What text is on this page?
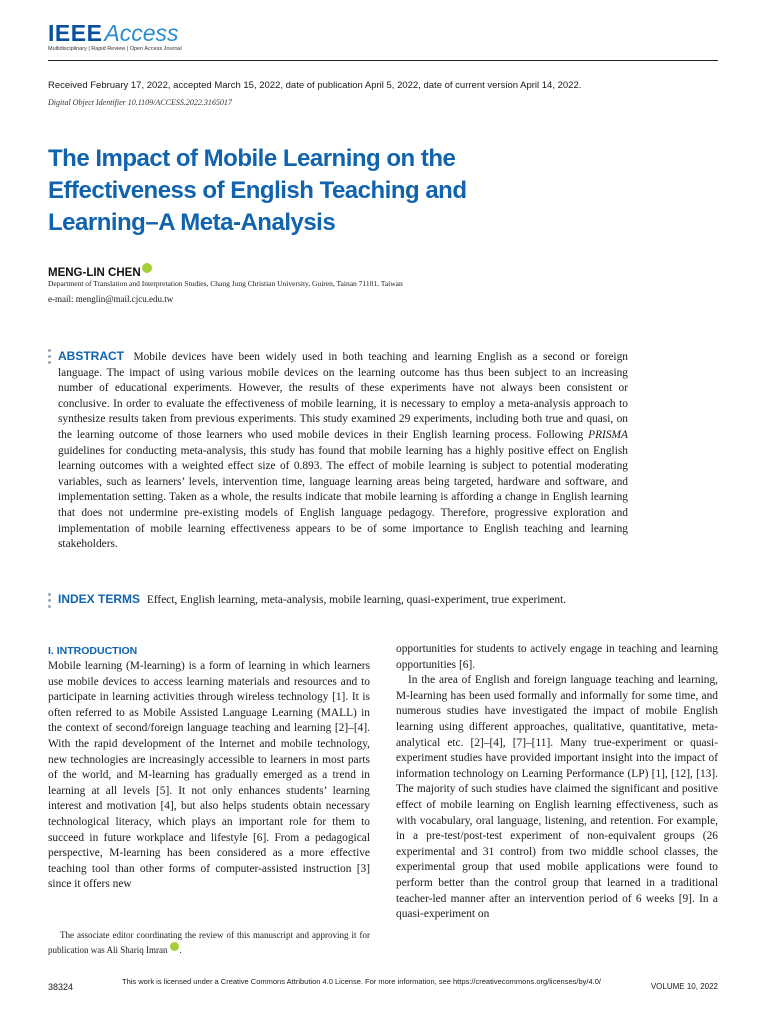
IEEEAccess
Multidisciplinary | Rapid Review | Open Access Journal
Received February 17, 2022, accepted March 15, 2022, date of publication April 5, 2022, date of current version April 14, 2022.
Digital Object Identifier 10.1109/ACCESS.2022.3165017
The Impact of Mobile Learning on the
Effectiveness of English Teaching and
Learning–A Meta-Analysis
MENG-LIN CHEN
Department of Translation and Interpretation Studies, Chang Jung Christian University, Guiren, Tainan 71101, Taiwan
e-mail: menglin@mail.cjcu.edu.tw
ABSTRACT Mobile devices have been widely used in both teaching and learning English as a second or foreign language. The impact of using various mobile devices on the learning outcome has thus been subject to an increasing number of educational experiments. However, the results of these experiments have not always been consistent or conclusive. In order to evaluate the effectiveness of mobile learning, it is necessary to employ a meta-analysis approach to synthesize results taken from previous experiments. This study examined 29 experiments, including both true and quasi, on the learning outcome of those learners who used mobile devices in their English learning process. Following PRISMA guidelines for conducting meta-analysis, this study has found that mobile learning has a highly positive effect on English learning outcomes with a weighted effect size of 0.893. The effect of mobile learning is subject to potential moderating variables, such as learners’ levels, intervention time, language learning areas being targeted, hardware and software, and implementation setting. Taken as a whole, the results indicate that mobile learning is affording a change in English learning that does not undermine pre-existing models of English language pedagogy. Therefore, progressive exploration and implementation of mobile learning effectiveness appears to be of some importance to English teaching and learning stakeholders.
INDEX TERMS Effect, English learning, meta-analysis, mobile learning, quasi-experiment, true experiment.
I. INTRODUCTION

Mobile learning (M-learning) is a form of learning in which learners use mobile devices to access learning materials and resources and to participate in learning activities through wireless technology [1]. It is often referred to as Mobile Assisted Language Learning (MALL) in the context of second/foreign language teaching and learning [2]–[4]. With the rapid development of the Internet and mobile technology, new technologies are increasingly accessible to learners in most parts of the world, and M-learning has gradually emerged as a trend in learning at all levels [5]. It not only enhances students’ learning interest and motivation [4], but also helps students obtain necessary technological literacy, which plays an important role for them to succeed in future workplace and lifestyle [6]. From a pedagogical perspective, M-learning has been considered as a more effective teaching tool than other forms of computer-assisted instruction [3] since it offers new

opportunities for students to actively engage in teaching and learning opportunities [6].

In the area of English and foreign language teaching and learning, M-learning has been used formally and informally for some time, and numerous studies have investigated the impact of mobile English learning using different approaches, qualitative, quantitative, meta-analytical etc. [2]–[4], [7]–[11]. Many true-experiment or quasi-experiment studies have provided important insight into the impact of information technology on Learning Performance (LP) [1], [12], [13]. The majority of such studies have claimed the significant and positive effect of mobile learning on English learning effectiveness, such as with vocabulary, oral language, listening, and retention. For example, in a pre-test/post-test experiment of non-equivalent groups (26 experimental and 31 control) from two middle school classes, the experimental group that used mobile applications were found to perform better than the control group that learned in a traditional teacher-led manner after an intervention period of 6 weeks [9]. In a quasi-experiment on

The associate editor coordinating the review of this manuscript and approving it for publication was Ali Shariq Imran .

38324
This work is licensed under a Creative Commons Attribution 4.0 License. For more information, see https://creativecommons.org/licenses/by/4.0/
VOLUME 10, 2022
